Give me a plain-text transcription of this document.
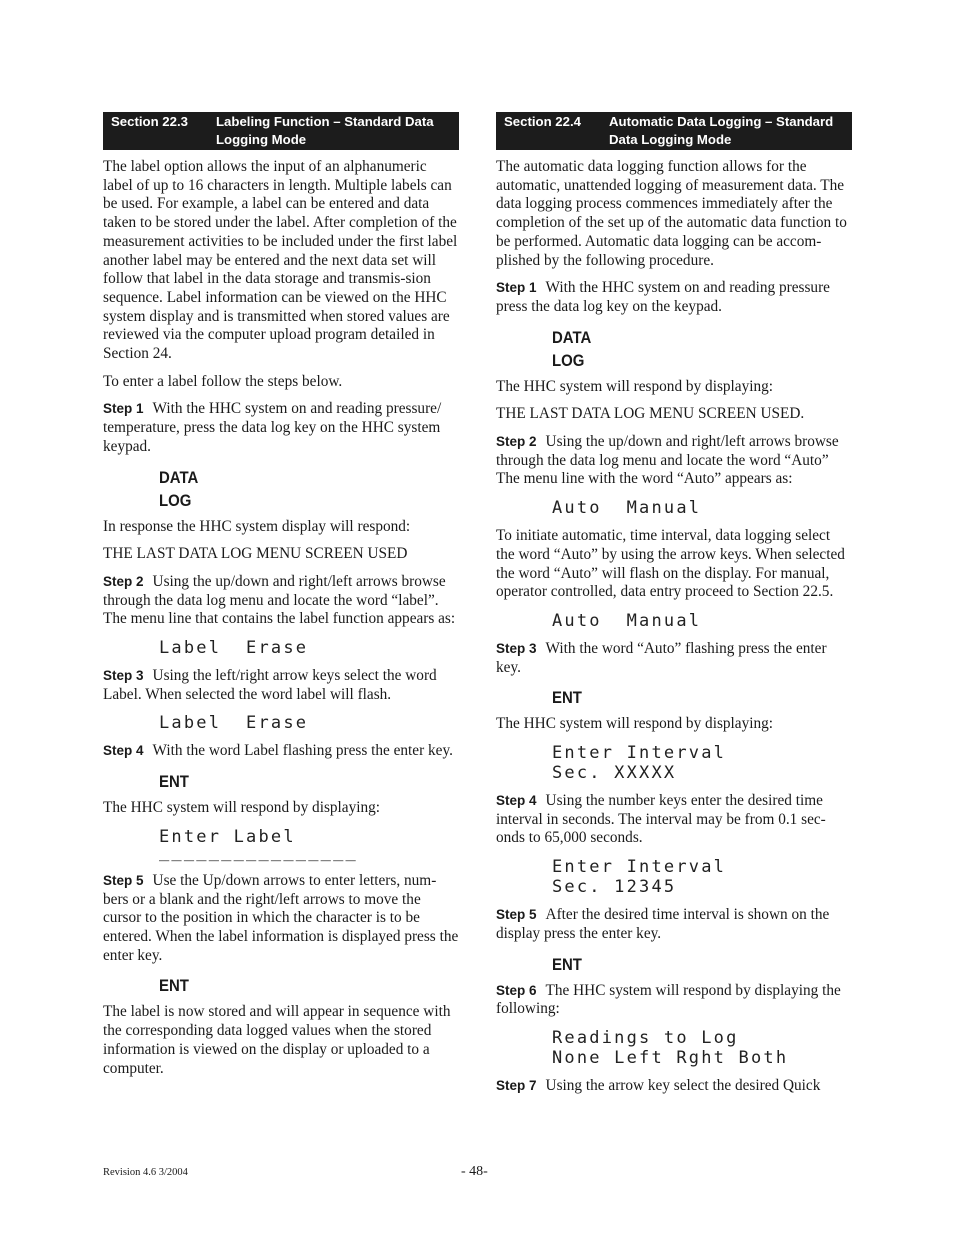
Section 22.3	Labeling Function – Standard Data Logging Mode

The label option allows the input of an alphanumeric label of up to 16 characters in length. Multiple labels can be used. For example, a label can be entered and data taken to be stored under the label. After completion of the measurement activities to be included under the first label another label may be entered and the next data set will follow that label in the data storage and transmis-sion sequence. Label information can be viewed on the HHC system display and is transmitted when stored values are reviewed via the computer upload program detailed in Section 24.

To enter a label follow the steps below.

Step 1 With the HHC system on and reading pressure/ temperature, press the data log key on the HHC system keypad.

DATA
LOG

In response the HHC system display will respond:

THE LAST DATA LOG MENU SCREEN USED

Step 2 Using the up/down and right/left arrows browse through the data log menu and locate the word “label”. The menu line that contains the label function appears as:

Label  Erase

Step 3 Using the left/right arrow keys select the word Label. When selected the word label will flash.

Label  Erase

Step 4 With the word Label flashing press the enter key.

ENT

The HHC system will respond by displaying:

Enter Label
________________

Step 5 Use the Up/down arrows to enter letters, num-bers or a blank and the right/left arrows to move the cursor to the position in which the character is to be entered. When the label information is displayed press the enter key.

ENT

The label is now stored and will appear in sequence with the corresponding data logged values when the stored information is viewed on the display or uploaded to a computer.

Section 22.4	Automatic Data Logging – Standard Data Logging Mode

The automatic data logging function allows for the automatic, unattended logging of measurement data. The data logging process commences immediately after the completion of the set up of the automatic data function to be performed. Automatic data logging can be accom-plished by the following procedure.

Step 1 With the HHC system on and reading pressure press the data log key on the keypad.

DATA
LOG

The HHC system will respond by displaying:

THE LAST DATA LOG MENU SCREEN USED.

Step 2 Using the up/down and right/left arrows browse through the data log menu and locate the word “Auto” The menu line with the word “Auto” appears as:

Auto  Manual

To initiate automatic, time interval, data logging select the word “Auto” by using the arrow keys. When selected the word “Auto” will flash on the display. For manual, operator controlled, data entry proceed to Section 22.5.

Auto  Manual

Step 3 With the word “Auto” flashing press the enter key.

ENT

The HHC system will respond by displaying:

Enter Interval
Sec. XXXXX

Step 4 Using the number keys enter the desired time interval in seconds. The interval may be from 0.1 sec-onds to 65,000 seconds.

Enter Interval
Sec. 12345

Step 5 After the desired time interval is shown on the display press the enter key.

ENT

Step 6 The HHC system will respond by displaying the following:

Readings to Log
None Left Rght Both

Step 7 Using the arrow key select the desired Quick

Revision 4.6 3/2004	- 48-
